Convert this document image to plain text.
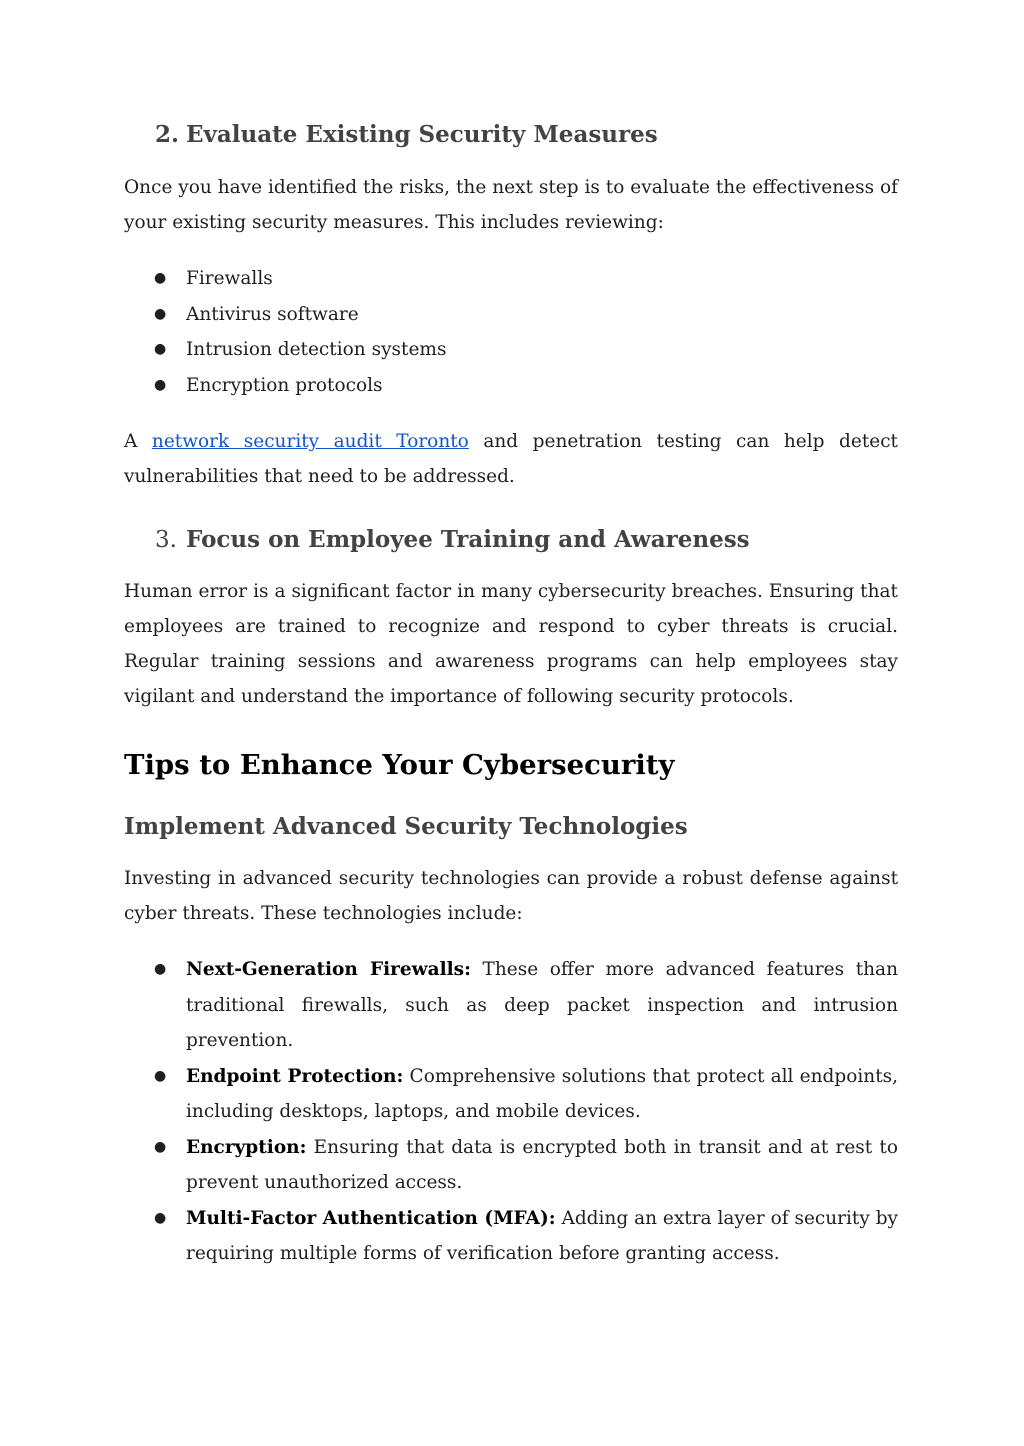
2. Evaluate Existing Security Measures

Once you have identified the risks, the next step is to evaluate the effectiveness of your existing security measures. This includes reviewing:

● Firewalls
● Antivirus software
● Intrusion detection systems
● Encryption protocols

A network security audit Toronto and penetration testing can help detect vulnerabilities that need to be addressed.

3. Focus on Employee Training and Awareness

Human error is a significant factor in many cybersecurity breaches. Ensuring that employees are trained to recognize and respond to cyber threats is crucial. Regular training sessions and awareness programs can help employees stay vigilant and understand the importance of following security protocols.

Tips to Enhance Your Cybersecurity
Implement Advanced Security Technologies

Investing in advanced security technologies can provide a robust defense against cyber threats. These technologies include:

● Next-Generation Firewalls: These offer more advanced features than traditional firewalls, such as deep packet inspection and intrusion prevention.
● Endpoint Protection: Comprehensive solutions that protect all endpoints, including desktops, laptops, and mobile devices.
● Encryption: Ensuring that data is encrypted both in transit and at rest to prevent unauthorized access.
● Multi-Factor Authentication (MFA): Adding an extra layer of security by requiring multiple forms of verification before granting access.
